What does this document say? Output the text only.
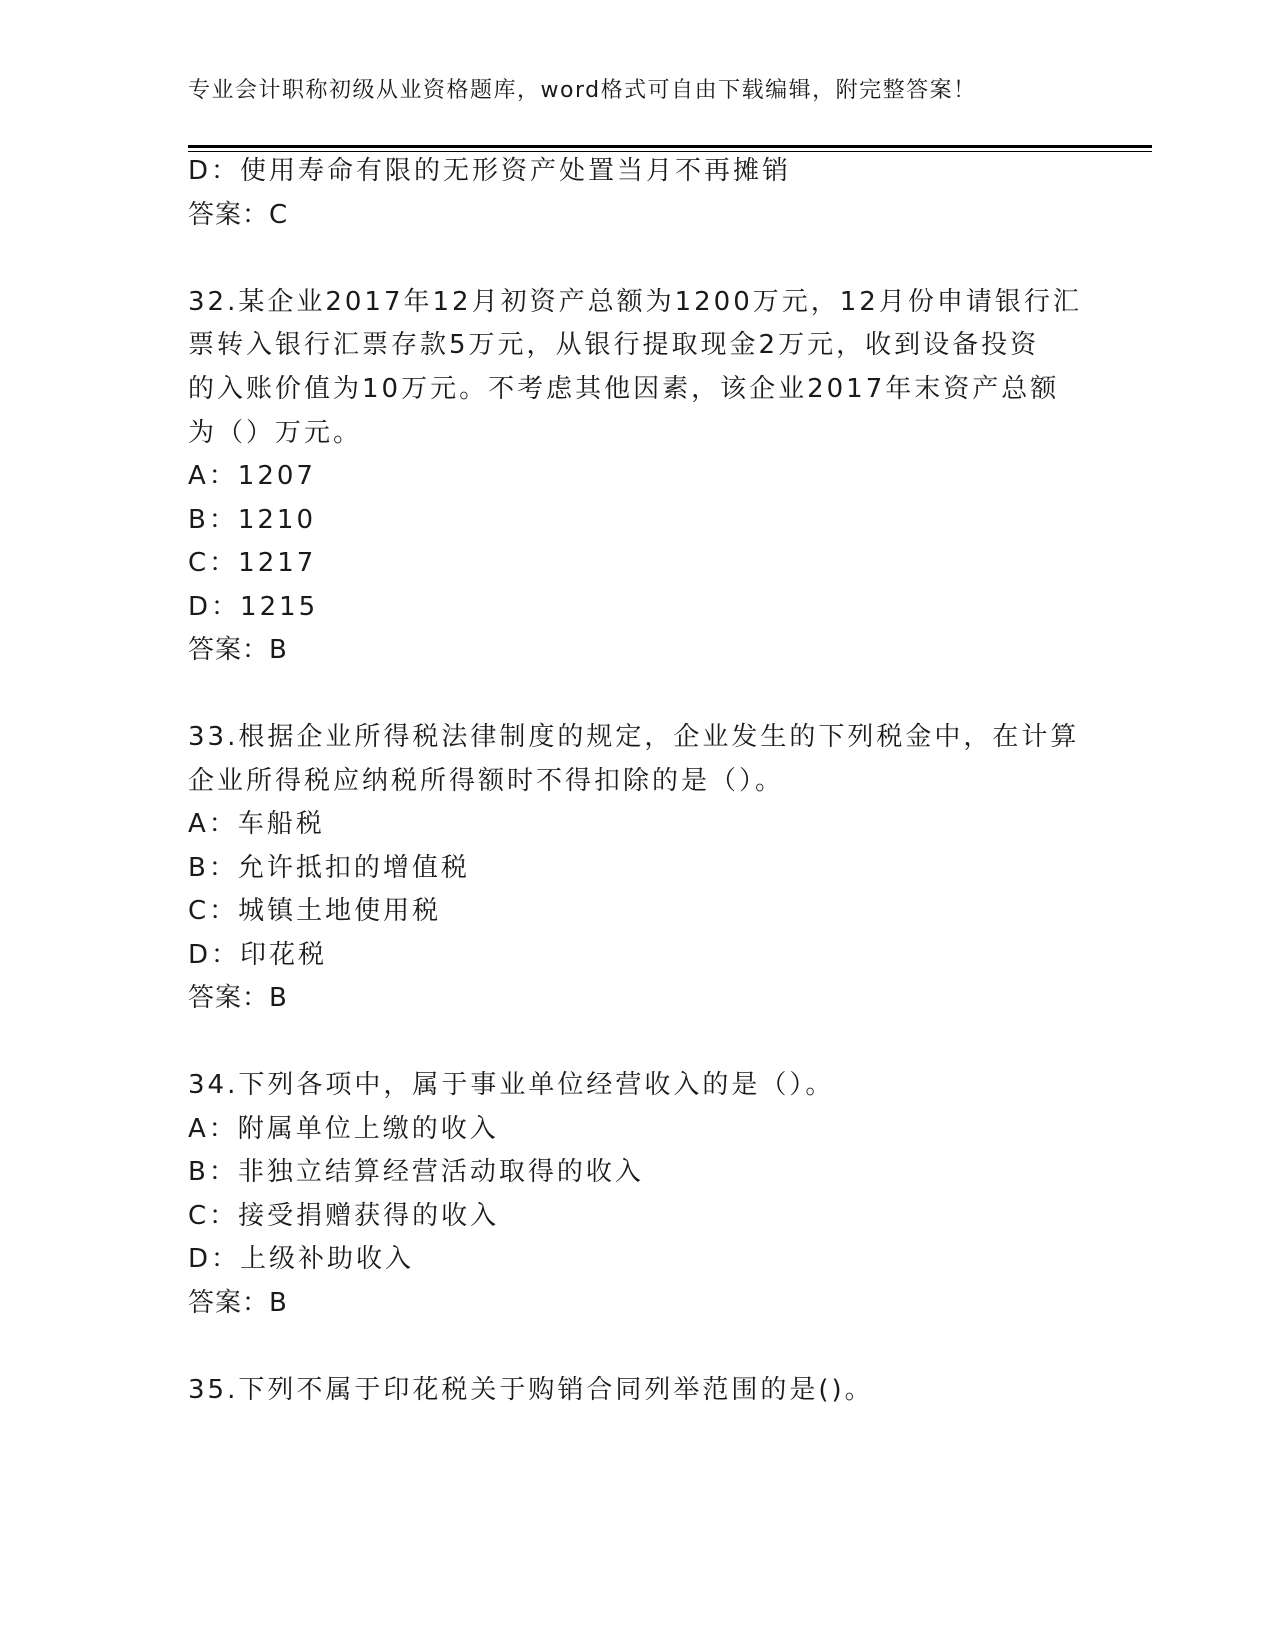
专业会计职称初级从业资格题库，word格式可自由下载编辑，附完整答案！
D：使用寿命有限的无形资产处置当月不再摊销
答案：C
32.某企业2017年12月初资产总额为1200万元，12月份申请银行汇
票转入银行汇票存款5万元，从银行提取现金2万元，收到设备投资
的入账价值为10万元。不考虑其他因素，该企业2017年末资产总额
为（）万元。
A：1207
B：1210
C：1217
D：1215
答案：B
33.根据企业所得税法律制度的规定，企业发生的下列税金中，在计算
企业所得税应纳税所得额时不得扣除的是（）。
A：车船税
B：允许抵扣的增值税
C：城镇土地使用税
D：印花税
答案：B
34.下列各项中，属于事业单位经营收入的是（）。
A：附属单位上缴的收入
B：非独立结算经营活动取得的收入
C：接受捐赠获得的收入
D：上级补助收入
答案：B
35.下列不属于印花税关于购销合同列举范围的是()。
